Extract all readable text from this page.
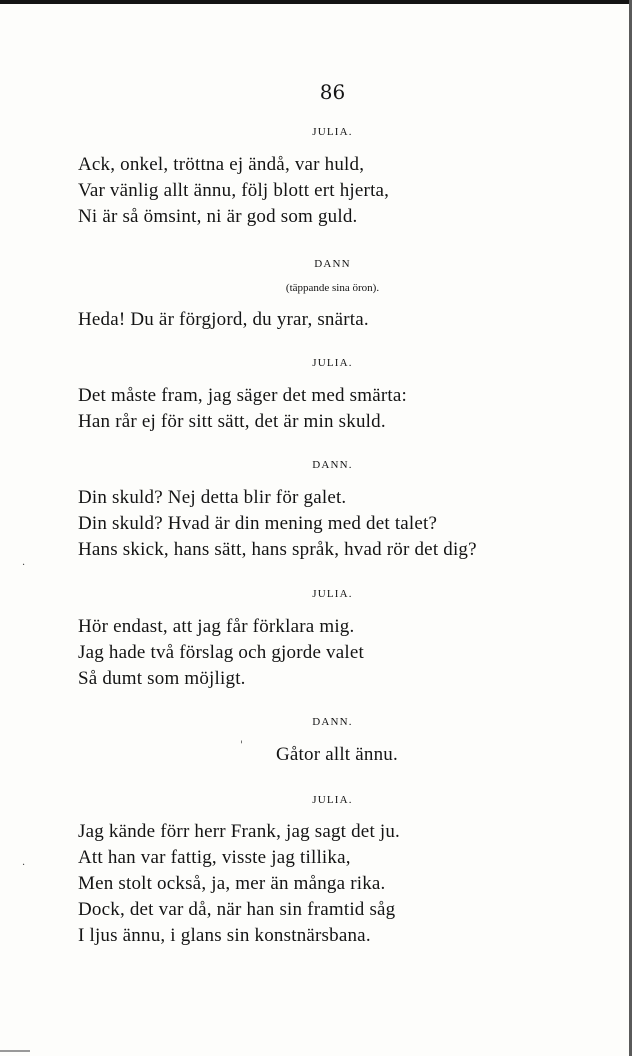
86
JULIA.
Ack, onkel, tröttna ej ändå, var huld,
Var vänlig allt ännu, följ blott ert hjerta,
Ni är så ömsint, ni är god som guld.
DANN
(täppande sina öron).
Heda! Du är förgjord, du yrar, snärta.
JULIA.
Det måste fram, jag säger det med smärta:
Han rår ej för sitt sätt, det är min skuld.
DANN.
Din skuld? Nej detta blir för galet.
Din skuld? Hvad är din mening med det talet?
Hans skick, hans sätt, hans språk, hvad rör det dig?
JULIA.
Hör endast, att jag får förklara mig.
Jag hade två förslag och gjorde valet
Så dumt som möjligt.
DANN.
Gåtor allt ännu.
JULIA.
Jag kände förr herr Frank, jag sagt det ju.
Att han var fattig, visste jag tillika,
Men stolt också, ja, mer än många rika.
Dock, det var då, när han sin framtid såg
I ljus ännu, i glans sin konstnärsbana.
·
·
'
